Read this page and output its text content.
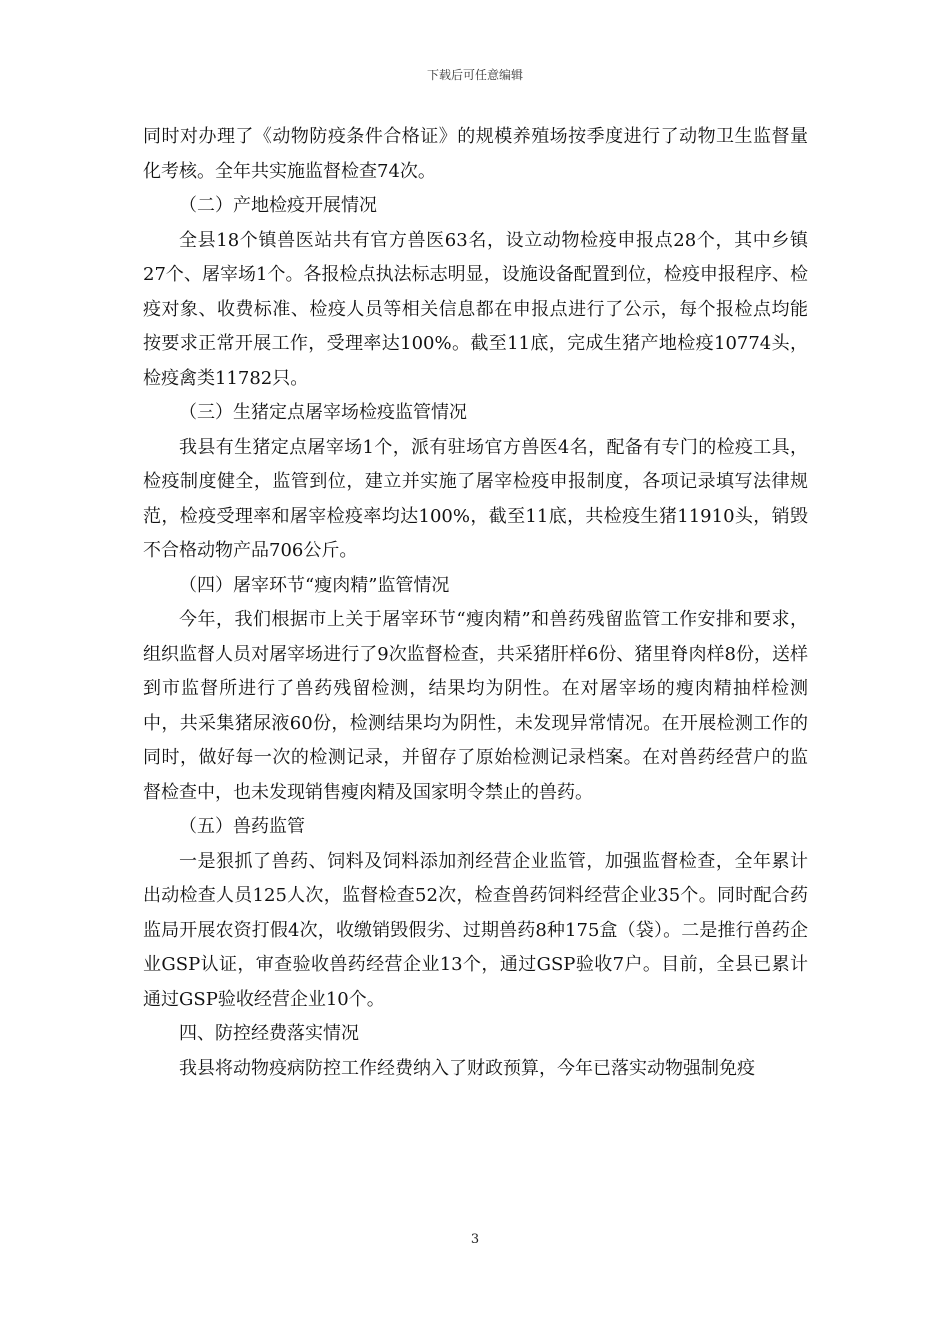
下载后可任意编辑

同时对办理了《动物防疫条件合格证》的规模养殖场按季度进行了动物卫生监督量化考核。全年共实施监督检查74次。

（二）产地检疫开展情况

全县18个镇兽医站共有官方兽医63名，设立动物检疫申报点28个，其中乡镇27个、屠宰场1个。各报检点执法标志明显，设施设备配置到位，检疫申报程序、检疫对象、收费标准、检疫人员等相关信息都在申报点进行了公示，每个报检点均能按要求正常开展工作，受理率达100%。截至11底，完成生猪产地检疫10774头，检疫禽类11782只。

（三）生猪定点屠宰场检疫监管情况

我县有生猪定点屠宰场1个，派有驻场官方兽医4名，配备有专门的检疫工具，检疫制度健全，监管到位，建立并实施了屠宰检疫申报制度，各项记录填写法律规范，检疫受理率和屠宰检疫率均达100%，截至11底，共检疫生猪11910头，销毁不合格动物产品706公斤。

（四）屠宰环节“瘦肉精”监管情况

今年，我们根据市上关于屠宰环节“瘦肉精”和兽药残留监管工作安排和要求，组织监督人员对屠宰场进行了9次监督检查，共采猪肝样6份、猪里脊肉样8份，送样到市监督所进行了兽药残留检测，结果均为阴性。在对屠宰场的瘦肉精抽样检测中，共采集猪尿液60份，检测结果均为阴性，未发现异常情况。在开展检测工作的同时，做好每一次的检测记录，并留存了原始检测记录档案。在对兽药经营户的监督检查中，也未发现销售瘦肉精及国家明令禁止的兽药。

（五）兽药监管

一是狠抓了兽药、饲料及饲料添加剂经营企业监管，加强监督检查，全年累计出动检查人员125人次，监督检查52次，检查兽药饲料经营企业35个。同时配合药监局开展农资打假4次，收缴销毁假劣、过期兽药8种175盒（袋）。二是推行兽药企业GSP认证，审查验收兽药经营企业13个，通过GSP验收7户。目前，全县已累计通过GSP验收经营企业10个。

四、防控经费落实情况

我县将动物疫病防控工作经费纳入了财政预算，今年已落实动物强制免疫

3
